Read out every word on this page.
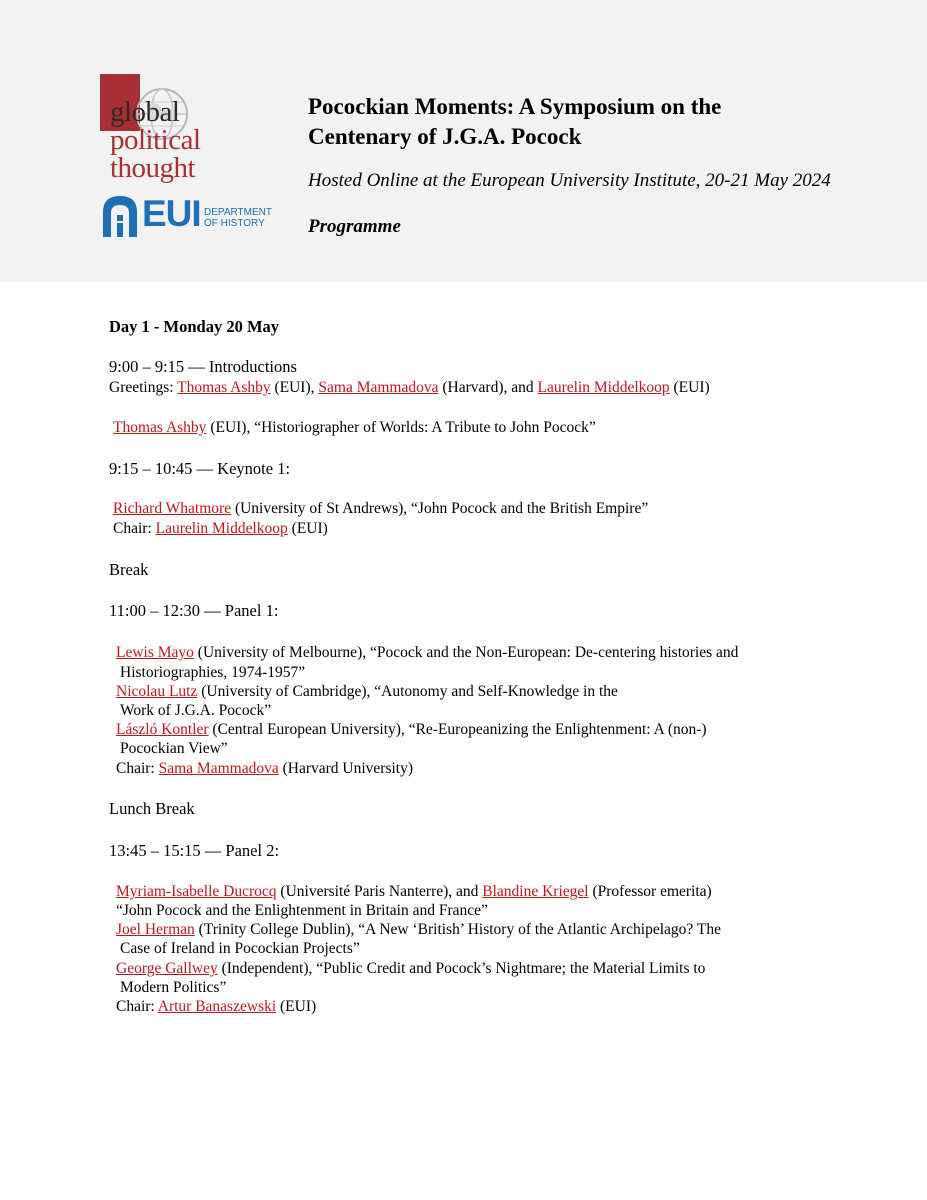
global
political
thought
EUI DEPARTMENT
OF HISTORY
Pocockian Moments: A Symposium on the
Centenary of J.G.A. Pocock
Hosted Online at the European University Institute, 20-21 May 2024
Programme
Day 1 - Monday 20 May
9:00 – 9:15 — Introductions
Greetings: Thomas Ashby (EUI), Sama Mammadova (Harvard), and Laurelin Middelkoop (EUI)
Thomas Ashby (EUI), “Historiographer of Worlds: A Tribute to John Pocock”
9:15 – 10:45 — Keynote 1:
Richard Whatmore (University of St Andrews), “John Pocock and the British Empire”
Chair: Laurelin Middelkoop (EUI)
Break
11:00 – 12:30 — Panel 1:
Lewis Mayo (University of Melbourne), “Pocock and the Non-European: De-centering histories and
Historiographies, 1974-1957”
Nicolau Lutz (University of Cambridge), “Autonomy and Self-Knowledge in the
Work of J.G.A. Pocock”
László Kontler (Central European University), “Re-Europeanizing the Enlightenment: A (non-)
Pocockian View”
Chair: Sama Mammadova (Harvard University)
Lunch Break
13:45 – 15:15 — Panel 2:
Myriam-Isabelle Ducrocq (Université Paris Nanterre), and Blandine Kriegel (Professor emerita)
“John Pocock and the Enlightenment in Britain and France”
Joel Herman (Trinity College Dublin), “A New ‘British’ History of the Atlantic Archipelago? The
Case of Ireland in Pocockian Projects”
George Gallwey (Independent), “Public Credit and Pocock’s Nightmare; the Material Limits to
Modern Politics”
Chair: Artur Banaszewski (EUI)
